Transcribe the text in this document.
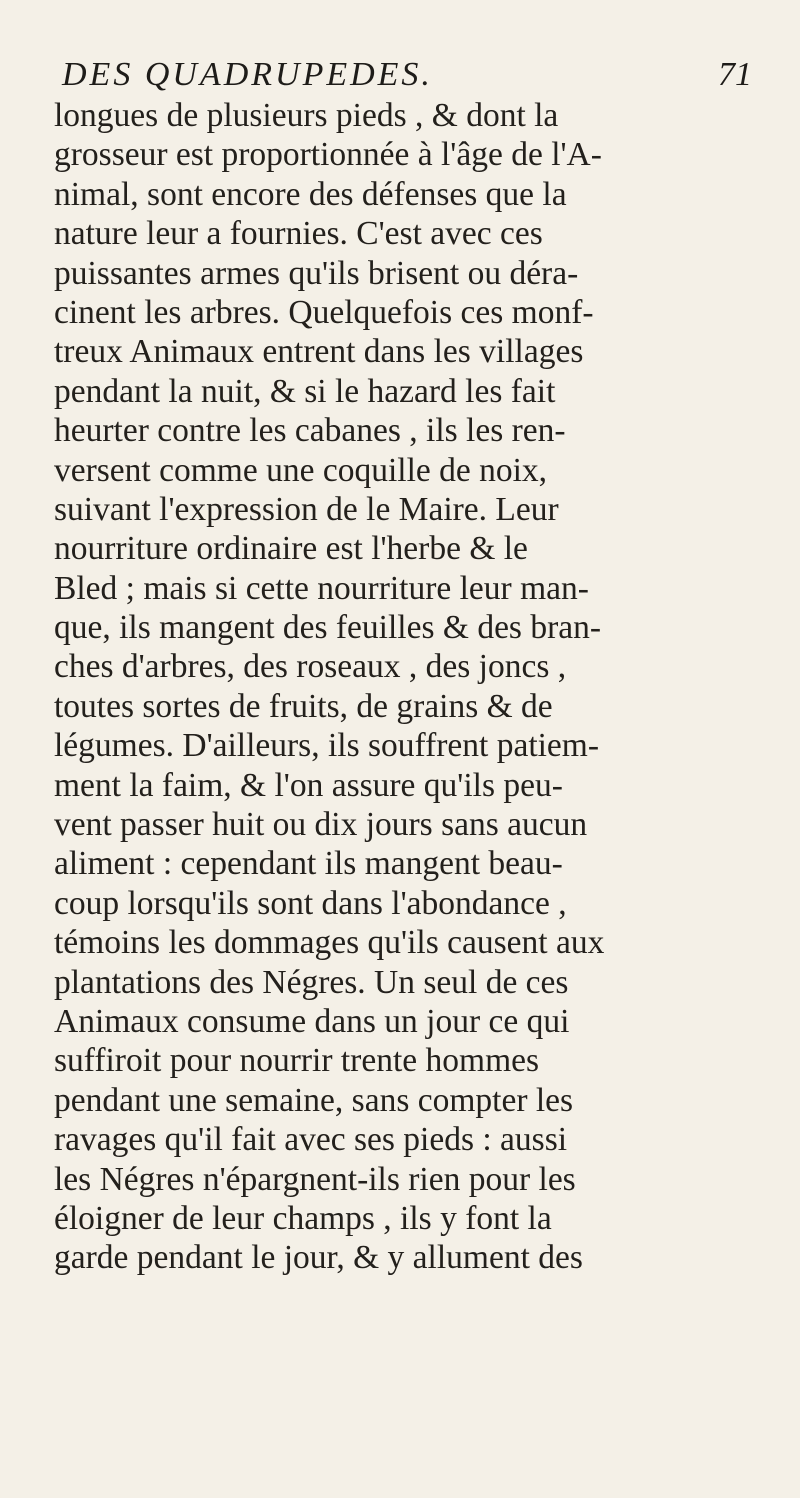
DES QUADRUPEDES.	71
longues de plusieurs pieds , & dont la
grosseur est proportionnée à l'âge de l'A-
nimal, sont encore des défenses que la
nature leur a fournies. C'est avec ces
puissantes armes qu'ils brisent ou déra-
cinent les arbres. Quelquefois ces monf-
treux Animaux entrent dans les villages
pendant la nuit, & si le hazard les fait
heurter contre les cabanes , ils les ren-
versent comme une coquille de noix,
suivant l'expression de le Maire. Leur
nourriture ordinaire est l'herbe & le
Bled ; mais si cette nourriture leur man-
que, ils mangent des feuilles & des bran-
ches d'arbres, des roseaux , des joncs ,
toutes sortes de fruits, de grains & de
légumes. D'ailleurs, ils souffrent patiem-
ment la faim, & l'on assure qu'ils peu-
vent passer huit ou dix jours sans aucun
aliment : cependant ils mangent beau-
coup lorsqu'ils sont dans l'abondance ,
témoins les dommages qu'ils causent aux
plantations des Négres. Un seul de ces
Animaux consume dans un jour ce qui
suffiroit pour nourrir trente hommes
pendant une semaine, sans compter les
ravages qu'il fait avec ses pieds : aussi
les Négres n'épargnent-ils rien pour les
éloigner de leur champs , ils y font la
garde pendant le jour, & y allument des
